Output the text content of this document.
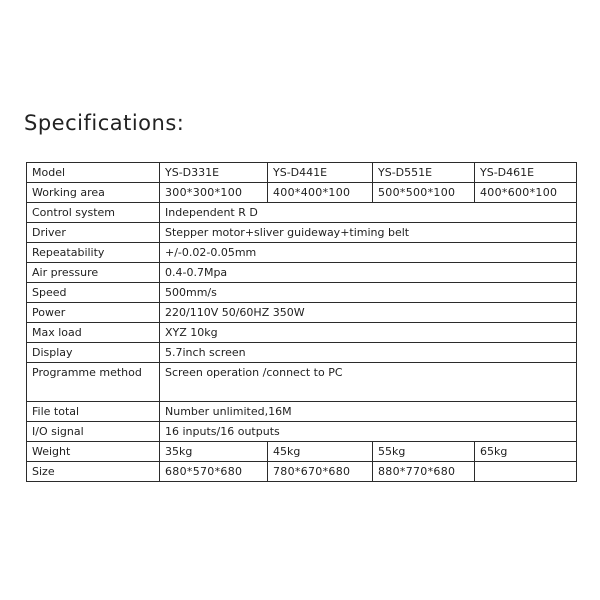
Specifications:
Model	YS-D331E	YS-D441E	YS-D551E	YS-D461E
Working area	300*300*100	400*400*100	500*500*100	400*600*100
Control system	Independent R D			
Driver	Stepper motor+sliver guideway+timing belt			
Repeatability	+/-0.02-0.05mm			
Air pressure	0.4-0.7Mpa			
Speed	500mm/s			
Power	220/110V 50/60HZ 350W			
Max load	XYZ 10kg			
Display	5.7inch screen			
Programme method	Screen operation /connect to PC			
File total	Number unlimited,16M			
I/O signal	16 inputs/16 outputs			
Weight	35kg	45kg	55kg	65kg
Size	680*570*680	780*670*680	880*770*680	
